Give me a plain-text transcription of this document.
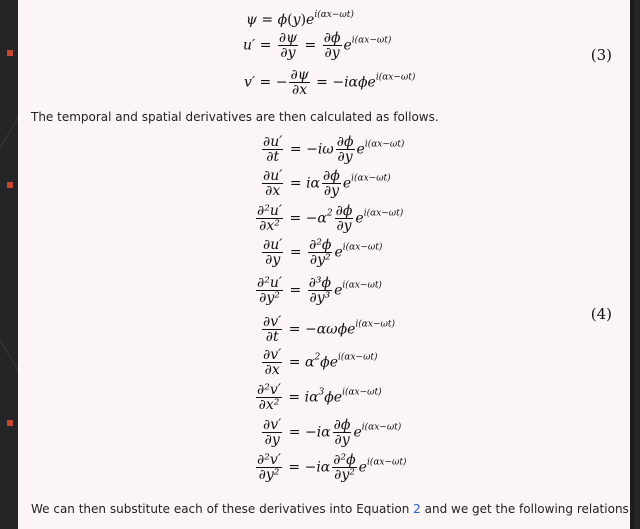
$\psi = \phi(y)e^{i(\alpha x-\omega t)}$
$u' = \frac{\partial\psi}{\partial y} = \frac{\partial\phi}{\partial y} e^{i(\alpha x-\omega t)}$
v′ = − $\frac{\partial\psi}{\partial x} = -i\alpha\phi e^{i(\alpha x-\omega t)}$
(3)
The temporal and spatial derivatives are then calculated as follows.
$\frac{\partial u'}{\partial t} = -i\omega \frac{\partial\phi}{\partial y} e^{i(\alpha x-\omega t)}$
$\frac{\partial u'}{\partial x} = i\alpha \frac{\partial\phi}{\partial y} e^{i(\alpha x-\omega t)}$
$\frac{\text{∂²u′}}{\text{∂x²}} = -\alpha^2 \frac{\partial\phi}{\partial y} e^{i(\alpha x-\omega t)}$
$\frac{\partial u'}{\partial y} = \frac{\text{∂²ϕ}}{\text{∂y²}} e^{i(\alpha x-\omega t)}$
$\frac{\text{∂²u′}}{\text{∂y²}} = \frac{\text{∂³ϕ}}{\text{∂y³}} e^{i(\alpha x-\omega t)}$
$\frac{\partial v'}{\partial t} = -\alpha\omega\phi e^{i(\alpha x-\omega t)}$
$\frac{\partial v'}{\partial x} = \alpha^2\phi e^{i(\alpha x-\omega t)}$
$\frac{\text{∂²v′}}{\text{∂x²}} = i\alpha^3\phi e^{i(\alpha x-\omega t)}$
$\frac{\partial v'}{\partial y} = -i\alpha \frac{\partial\phi}{\partial y} e^{i(\alpha x-\omega t)}$
$\frac{\text{∂²v′}}{\text{∂y²}} = -i\alpha \frac{\text{∂²ϕ}}{\text{∂y²}} e^{i(\alpha x-\omega t)}$
(4)
We can then substitute each of these derivatives into Equation 2 and we get the following relations.
